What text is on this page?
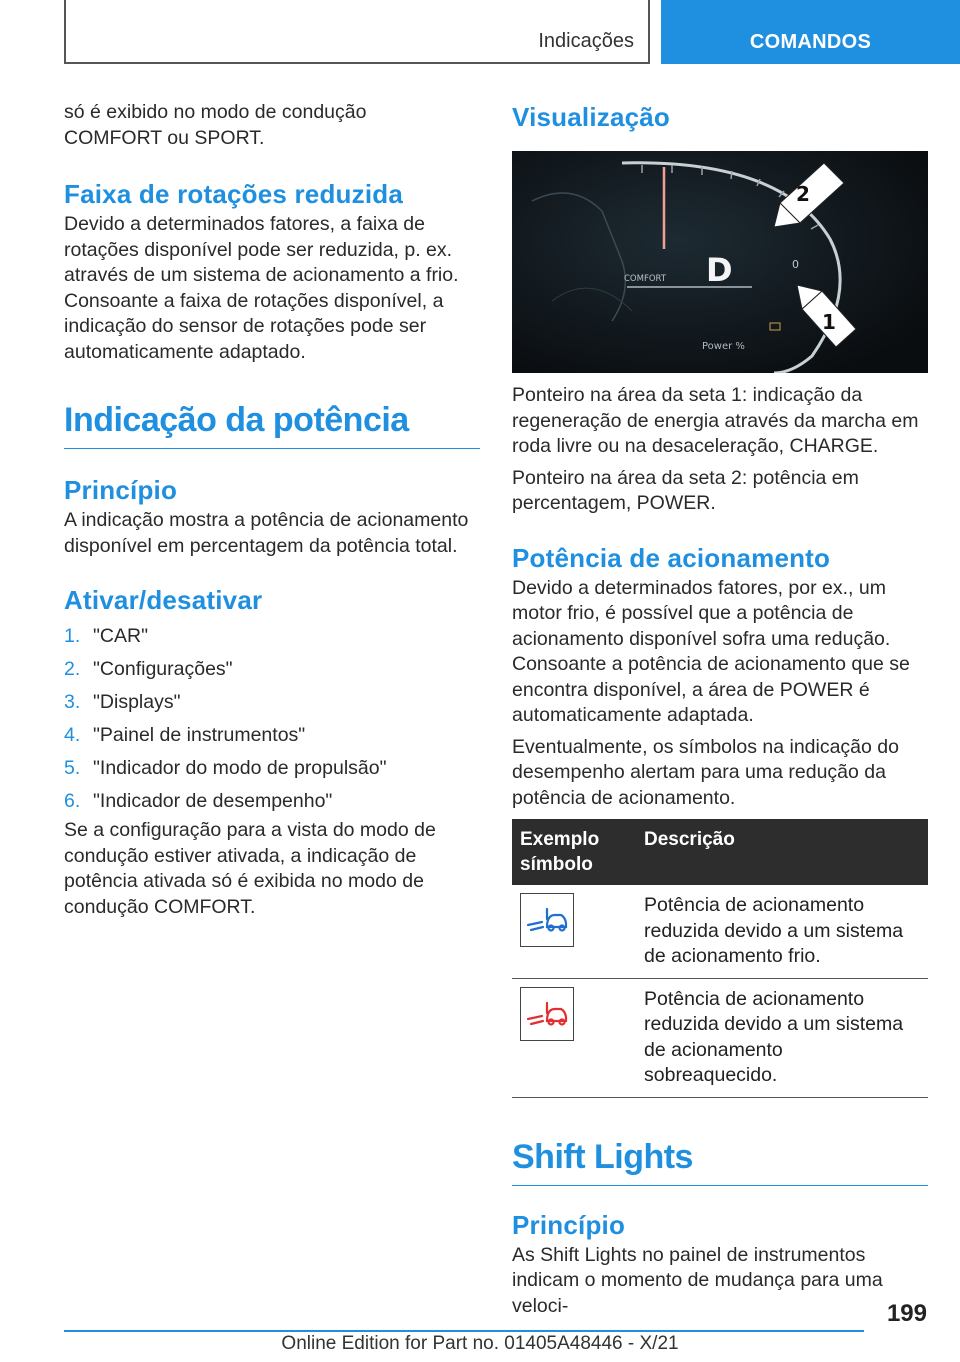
Indicações	COMANDOS

só é exibido no modo de condução COMFORT ou SPORT.

Faixa de rotações reduzida

Devido a determinados fatores, a faixa de rotações disponível pode ser reduzida, p. ex. através de um sistema de acionamento a frio. Consoante a faixa de rotações disponível, a indicação do sensor de rotações pode ser automaticamente adaptado.

Indicação da potência
Princípio

A indicação mostra a potência de acionamento disponível em percentagem da potência total.

Ativar/desativar
1. "CAR"
2. "Configurações"
3. "Displays"
4. "Painel de instrumentos"
5. "Indicador do modo de propulsão"
6. "Indicador de desempenho"

Se a configuração para a vista do modo de condução estiver ativada, a indicação de potência ativada só é exibida no modo de condução COMFORT.

Visualização
COMFORT D	0
Power %
2
1

Ponteiro na área da seta 1: indicação da regeneração de energia através da marcha em roda livre ou na desaceleração, CHARGE.

Ponteiro na área da seta 2: potência em percentagem, POWER.

Potência de acionamento

Devido a determinados fatores, por ex., um motor frio, é possível que a potência de acionamento disponível sofra uma redução. Consoante a potência de acionamento que se encontra disponível, a área de POWER é automaticamente adaptada.

Eventualmente, os símbolos na indicação do desempenho alertam para uma redução da potência de acionamento.

Exemplo símbolo	Descrição

	Potência de acionamento reduzida devido a um sistema de acionamento frio.

	Potência de acionamento reduzida devido a um sistema de acionamento sobreaquecido.
Shift Lights
Princípio

As Shift Lights no painel de instrumentos indicam o momento de mudança para uma veloci-	199
Online Edition for Part no. 01405A48446 - X/21
